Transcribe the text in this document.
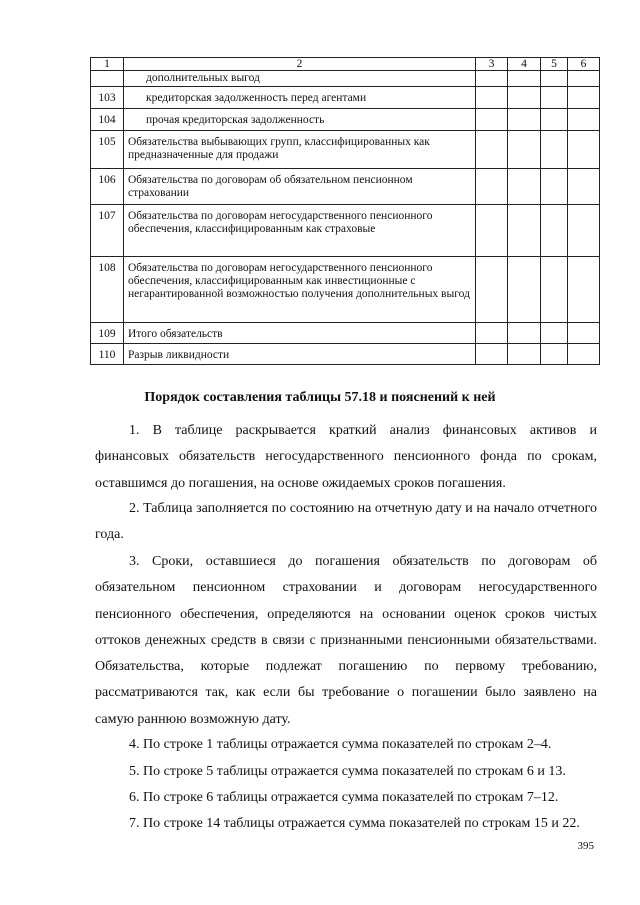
1	2	3	4	5	6
	дополнительных выгод				
103	кредиторская задолженность перед агентами				
104	прочая кредиторская задолженность				
105	Обязательства выбывающих групп, классифицированных как предназначенные для продажи				
106	Обязательства по договорам об обязательном пенсионном страховании				
107	Обязательства по договорам негосударственного пенсионного обеспечения, классифицированным как страховые				
108	Обязательства по договорам негосударственного пенсионного обеспечения, классифицированным как инвестиционные с негарантированной возможностью получения дополнительных выгод				
109	Итого обязательств				
110	Разрыв ликвидности				
Порядок составления таблицы 57.18 и пояснений к ней

1. В таблице раскрывается краткий анализ финансовых активов и финансовых обязательств негосударственного пенсионного фонда по срокам, оставшимся до погашения, на основе ожидаемых сроков погашения.

2. Таблица заполняется по состоянию на отчетную дату и на начало отчетного года.

3. Сроки, оставшиеся до погашения обязательств по договорам об обязательном пенсионном страховании и договорам негосударственного пенсионного обеспечения, определяются на основании оценок сроков чистых оттоков денежных средств в связи с признанными пенсионными обязательствами. Обязательства, которые подлежат погашению по первому требованию, рассматриваются так, как если бы требование о погашении было заявлено на самую раннюю возможную дату.

4. По строке 1 таблицы отражается сумма показателей по строкам 2–4.

5. По строке 5 таблицы отражается сумма показателей по строкам 6 и 13.

6. По строке 6 таблицы отражается сумма показателей по строкам 7–12.

7. По строке 14 таблицы отражается сумма показателей по строкам 15 и 22.

395
